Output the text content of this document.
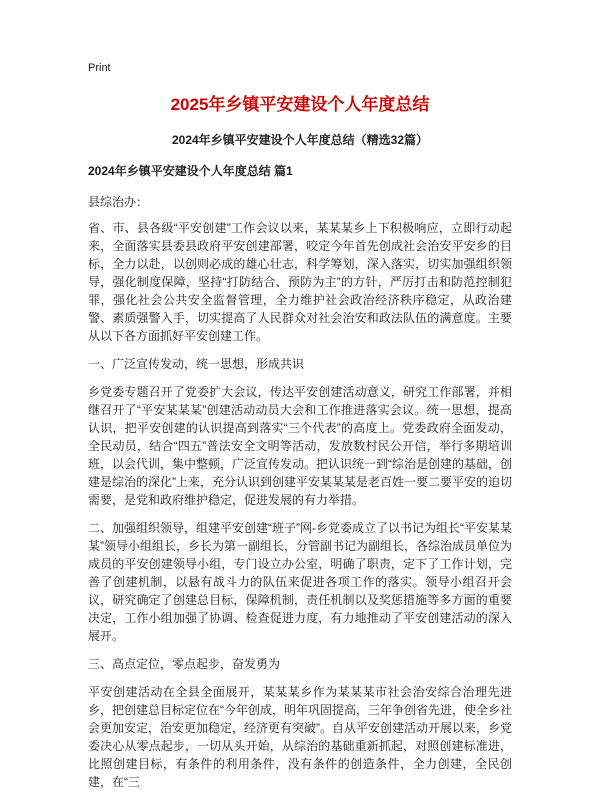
Print
2025年乡镇平安建设个人年度总结
2024年乡镇平安建设个人年度总结（精选32篇）
2024年乡镇平安建设个人年度总结 篇1

县综治办：

省、市、县各级“平安创建”工作会议以来，某某某乡上下积极响应，立即行动起来，全面落实县委县政府平安创建部署，咬定今年首先创成社会治安平安乡的目标，全力以赴，以创则必成的雄心壮志，科学筹划，深入落实，切实加强组织领导，强化制度保障，坚持“打防结合、预防为主”的方针，严厉打击和防范控制犯罪，强化社会公共安全监督管理，全力维护社会政治经济秩序稳定，从政治建警、素质强警入手，切实提高了人民群众对社会治安和政法队伍的满意度。主要从以下各方面抓好平安创建工作。

一、广泛宣传发动，统一思想，形成共识

乡党委专题召开了党委扩大会议，传达平安创建活动意义，研究工作部署，并相继召开了“平安某某某”创建活动动员大会和工作推进落实会议。统一思想，提高认识，把平安创建的认识提高到落实“三个代表”的高度上。党委政府全面发动，全民动员，结合“四五”普法安全文明等活动，发放数村民公开信，举行多期培训班，以会代训，集中整顿，广泛宣传发动。把认识统一到“综治是创建的基础，创建是综治的深化”上来，充分认识到创建平安某某某是老百姓一要二要平安的迫切需要，是党和政府维护稳定，促进发展的有力举措。

二、加强组织领导，组建平安创建“班子”网-乡党委成立了以书记为组长“平安某某某”领导小组组长，乡长为第一副组长，分管副书记为副组长，各综治成员单位为成员的平安创建领导小组，专门设立办公室，明确了职责，定下了工作计划，完善了创建机制，以悬有战斗力的队伍来促进各项工作的落实。领导小组召开会议，研究确定了创建总目标，保障机制，责任机制以及奖惩措施等多方面的重要决定，工作小组加强了协调、检查促进力度，有力地推动了平安创建活动的深入展开。

三、高点定位，零点起步，奋发勇为

平安创建活动在全县全面展开，某某某乡作为某某某市社会治安综合治理先进乡，把创建总目标定位在“今年创成，明年巩固提高，三年争创省先进，使全乡社会更加安定，治安更加稳定，经济更有突破”。自从平安创建活动开展以来，乡党委决心从零点起步，一切从头开始，从综治的基础重新抓起，对照创建标准进，比照创建目标，有条件的利用条件，没有条件的创造条件，全力创建，全民创建，在“三
